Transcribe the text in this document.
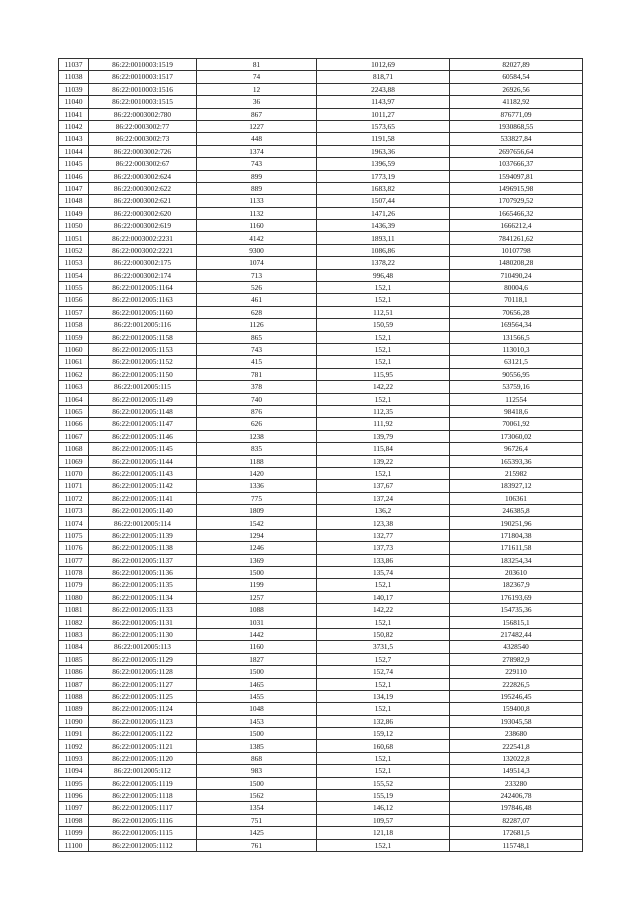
11037	86:22:0010003:1519	81	1012,69	82027,89
11038	86:22:0010003:1517	74	818,71	60584,54
11039	86:22:0010003:1516	12	2243,88	26926,56
11040	86:22:0010003:1515	36	1143,97	41182,92
11041	86:22:0003002:780	867	1011,27	876771,09
11042	86:22:0003002:77	1227	1573,65	1930868,55
11043	86:22:0003002:73	448	1191,58	533827,84
11044	86:22:0003002:726	1374	1963,36	2697656,64
11045	86:22:0003002:67	743	1396,59	1037666,37
11046	86:22:0003002:624	899	1773,19	1594097,81
11047	86:22:0003002:622	889	1683,82	1496915,98
11048	86:22:0003002:621	1133	1507,44	1707929,52
11049	86:22:0003002:620	1132	1471,26	1665466,32
11050	86:22:0003002:619	1160	1436,39	1666212,4
11051	86:22:0003002:2231	4142	1893,11	7841261,62
11052	86:22:0003002:2221	9300	1086,86	10107798
11053	86:22:0003002:175	1074	1378,22	1480208,28
11054	86:22:0003002:174	713	996,48	710490,24
11055	86:22:0012005:1164	526	152,1	80004,6
11056	86:22:0012005:1163	461	152,1	70118,1
11057	86:22:0012005:1160	628	112,51	70656,28
11058	86:22:0012005:116	1126	150,59	169564,34
11059	86:22:0012005:1158	865	152,1	131566,5
11060	86:22:0012005:1153	743	152,1	113010,3
11061	86:22:0012005:1152	415	152,1	63121,5
11062	86:22:0012005:1150	781	115,95	90556,95
11063	86:22:0012005:115	378	142,22	53759,16
11064	86:22:0012005:1149	740	152,1	112554
11065	86:22:0012005:1148	876	112,35	98418,6
11066	86:22:0012005:1147	626	111,92	70061,92
11067	86:22:0012005:1146	1238	139,79	173060,02
11068	86:22:0012005:1145	835	115,84	96726,4
11069	86:22:0012005:1144	1188	139,22	165393,36
11070	86:22:0012005:1143	1420	152,1	215982
11071	86:22:0012005:1142	1336	137,67	183927,12
11072	86:22:0012005:1141	775	137,24	106361
11073	86:22:0012005:1140	1809	136,2	246385,8
11074	86:22:0012005:114	1542	123,38	190251,96
11075	86:22:0012005:1139	1294	132,77	171804,38
11076	86:22:0012005:1138	1246	137,73	171611,58
11077	86:22:0012005:1137	1369	133,86	183254,34
11078	86:22:0012005:1136	1500	135,74	203610
11079	86:22:0012005:1135	1199	152,1	182367,9
11080	86:22:0012005:1134	1257	140,17	176193,69
11081	86:22:0012005:1133	1088	142,22	154735,36
11082	86:22:0012005:1131	1031	152,1	156815,1
11083	86:22:0012005:1130	1442	150,82	217482,44
11084	86:22:0012005:113	1160	3731,5	4328540
11085	86:22:0012005:1129	1827	152,7	278982,9
11086	86:22:0012005:1128	1500	152,74	229110
11087	86:22:0012005:1127	1465	152,1	222826,5
11088	86:22:0012005:1125	1455	134,19	195246,45
11089	86:22:0012005:1124	1048	152,1	159400,8
11090	86:22:0012005:1123	1453	132,86	193045,58
11091	86:22:0012005:1122	1500	159,12	238680
11092	86:22:0012005:1121	1385	160,68	222541,8
11093	86:22:0012005:1120	868	152,1	132022,8
11094	86:22:0012005:112	983	152,1	149514,3
11095	86:22:0012005:1119	1500	155,52	233280
11096	86:22:0012005:1118	1562	155,19	242406,78
11097	86:22:0012005:1117	1354	146,12	197846,48
11098	86:22:0012005:1116	751	109,57	82287,07
11099	86:22:0012005:1115	1425	121,18	172681,5
11100	86:22:0012005:1112	761	152,1	115748,1
